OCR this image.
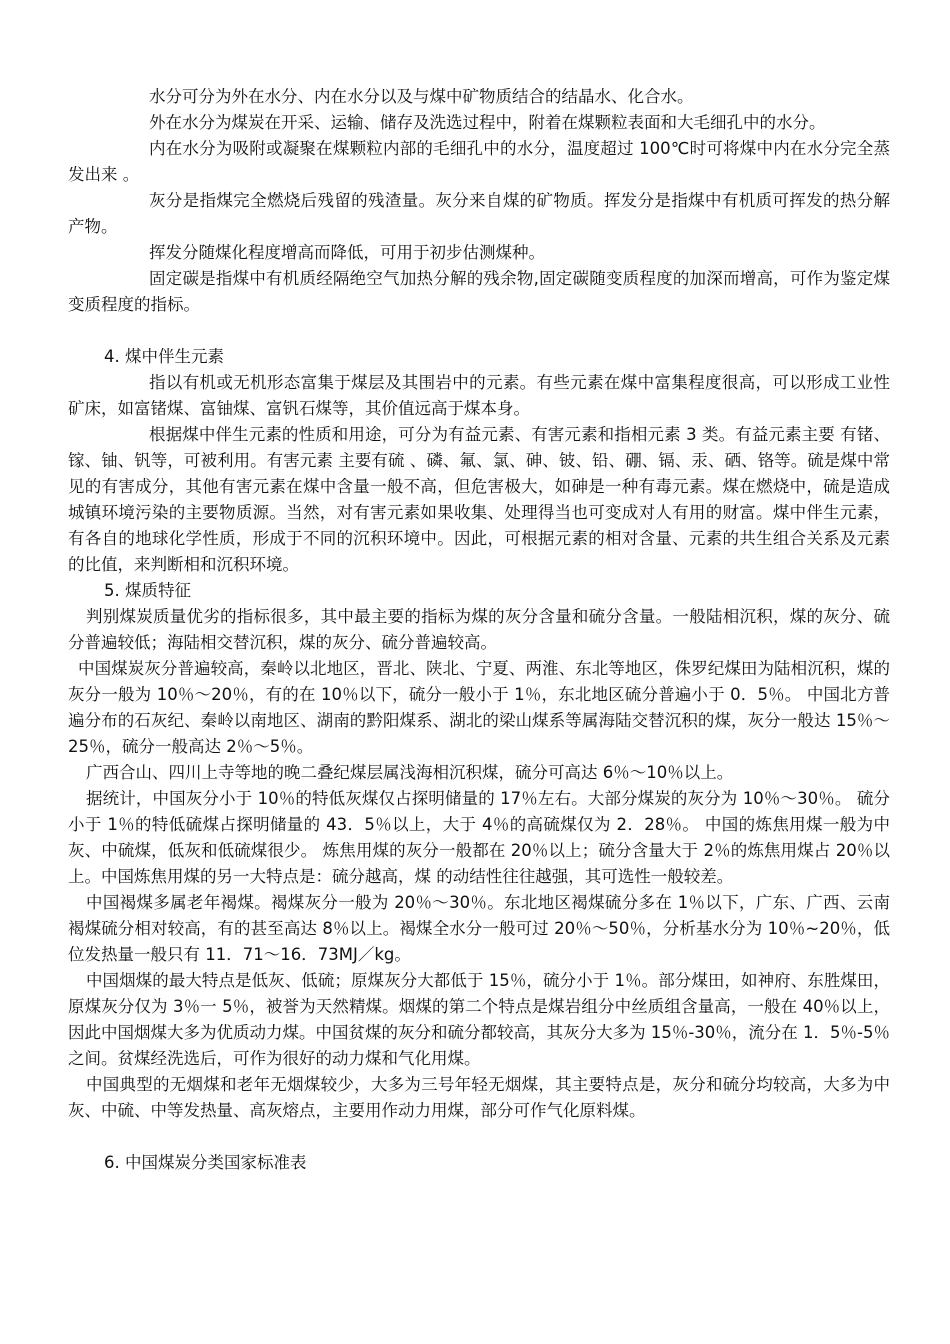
水分可分为外在水分、内在水分以及与煤中矿物质结合的结晶水、化合水。

外在水分为煤炭在开采、运输、储存及洗选过程中，附着在煤颗粒表面和大毛细孔中的水分。

内在水分为吸附或凝聚在煤颗粒内部的毛细孔中的水分，温度超过 100℃时可将煤中内在水分完全蒸发出来 。

灰分是指煤完全燃烧后残留的残渣量。灰分来自煤的矿物质。挥发分是指煤中有机质可挥发的热分解产物。

挥发分随煤化程度增高而降低，可用于初步估测煤种。

固定碳是指煤中有机质经隔绝空气加热分解的残余物,固定碳随变质程度的加深而增高，可作为鉴定煤变质程度的指标。

4. 煤中伴生元素

指以有机或无机形态富集于煤层及其围岩中的元素。有些元素在煤中富集程度很高，可以形成工业性矿床，如富锗煤、富铀煤、富钒石煤等，其价值远高于煤本身。

根据煤中伴生元素的性质和用途，可分为有益元素、有害元素和指相元素 3 类。有益元素主要 有锗、镓、铀、钒等，可被利用。有害元素 主要有硫 、磷、氟、氯、砷、铍、铅、硼、镉、汞、硒、铬等。硫是煤中常见的有害成分，其他有害元素在煤中含量一般不高，但危害极大，如砷是一种有毒元素。煤在燃烧中，硫是造成城镇环境污染的主要物质源。当然，对有害元素如果收集、处理得当也可变成对人有用的财富。煤中伴生元素，有各自的地球化学性质，形成于不同的沉积环境中。因此，可根据元素的相对含量、元素的共生组合关系及元素的比值，来判断相和沉积环境。

5. 煤质特征

判别煤炭质量优劣的指标很多，其中最主要的指标为煤的灰分含量和硫分含量。一般陆相沉积，煤的灰分、硫分普遍较低；海陆相交替沉积，煤的灰分、硫分普遍较高。

中国煤炭灰分普遍较高，秦岭以北地区，晋北、陕北、宁夏、两淮、东北等地区，侏罗纪煤田为陆相沉积，煤的灰分一般为 10％～20％，有的在 10％以下，硫分一般小于 1％，东北地区硫分普遍小于 0．5％。 中国北方普遍分布的石灰纪、秦岭以南地区、湖南的黔阳煤系、湖北的梁山煤系等属海陆交替沉积的煤，灰分一般达 15％～25％，硫分一般高达 2％～5％。

广西合山、四川上寺等地的晚二叠纪煤层属浅海相沉积煤，硫分可高达 6％～10％以上。

据统计，中国灰分小于 10％的特低灰煤仅占探明储量的 17％左右。大部分煤炭的灰分为 10％～30％。 硫分小于 1％的特低硫煤占探明储量的 43．5％以上，大于 4％的高硫煤仅为 2．28％。 中国的炼焦用煤一般为中灰、中硫煤，低灰和低硫煤很少。 炼焦用煤的灰分一般都在 20％以上；硫分含量大于 2％的炼焦用煤占 20％以上。中国炼焦用煤的另一大特点是：硫分越高，煤 的动结性往往越强，其可选性一般较差。

中国褐煤多属老年褐煤。褐煤灰分一般为 20％～30％。东北地区褐煤硫分多在 1％以下，广东、广西、云南褐煤硫分相对较高，有的甚至高达 8％以上。褐煤全水分一般可过 20％～50％，分析基水分为 10％~20％，低位发热量一般只有 11．71～16．73MJ／kg。

中国烟煤的最大特点是低灰、低硫；原煤灰分大都低于 15％，硫分小于 1％。部分煤田，如神府、东胜煤田，原煤灰分仅为 3％一 5％，被誉为天然精煤。烟煤的第二个特点是煤岩组分中丝质组含量高，一般在 40％以上，因此中国烟煤大多为优质动力煤。中国贫煤的灰分和硫分都较高，其灰分大多为 15％-30％，流分在 1．5％-5％之间。贫煤经洗选后，可作为很好的动力煤和气化用煤。

中国典型的无烟煤和老年无烟煤较少，大多为三号年轻无烟煤，其主要特点是，灰分和硫分均较高，大多为中灰、中硫、中等发热量、高灰熔点，主要用作动力用煤，部分可作气化原料煤。

6. 中国煤炭分类国家标准表
